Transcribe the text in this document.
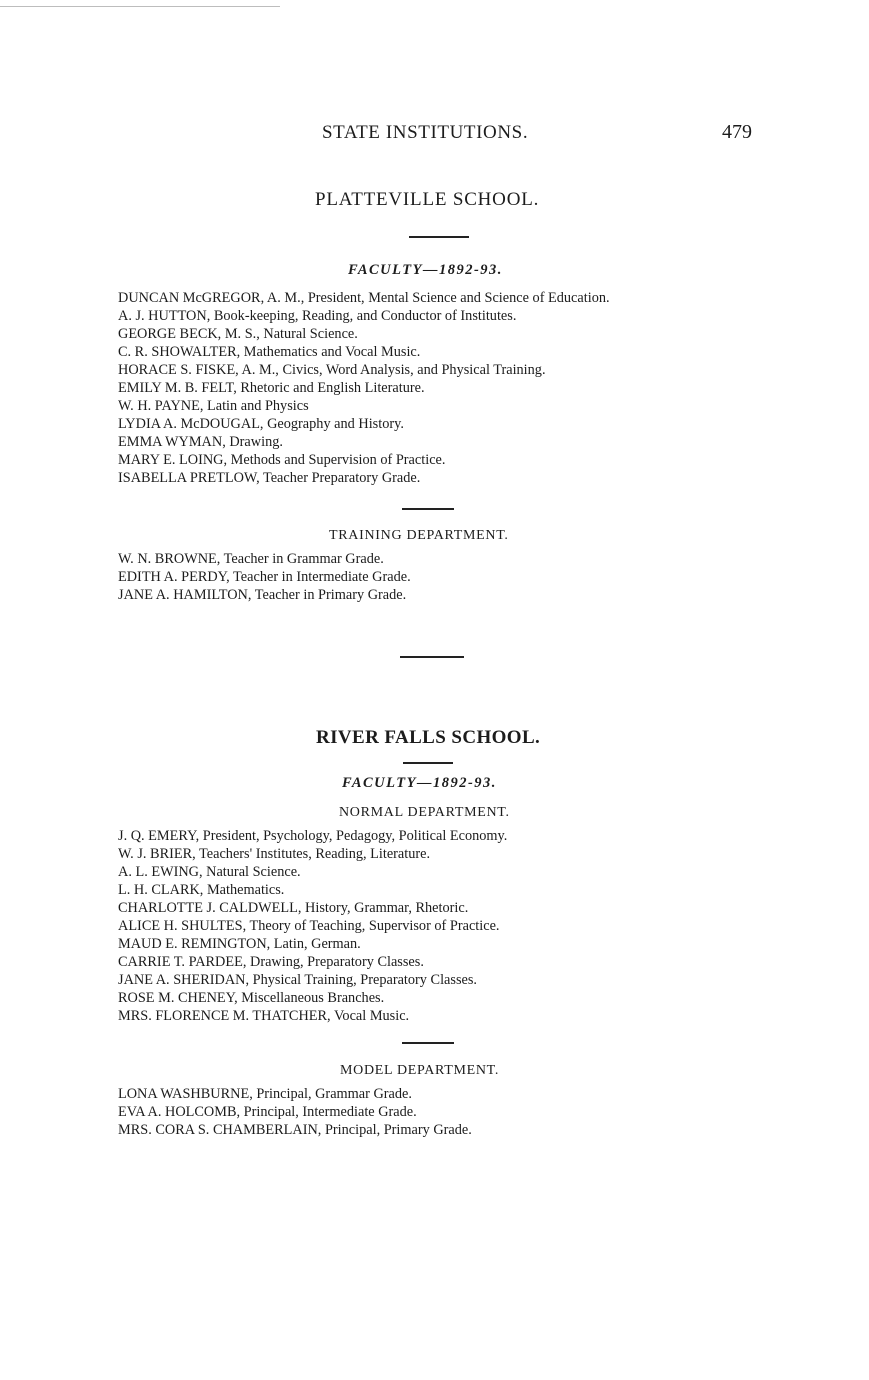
STATE INSTITUTIONS.	479
PLATTEVILLE SCHOOL.
FACULTY—1892-93.
DUNCAN McGREGOR, A. M., President, Mental Science and Science of Education.
A. J. HUTTON, Book-keeping, Reading, and Conductor of Institutes.
GEORGE BECK, M. S., Natural Science.
C. R. SHOWALTER, Mathematics and Vocal Music.
HORACE S. FISKE, A. M., Civics, Word Analysis, and Physical Training.
EMILY M. B. FELT, Rhetoric and English Literature.
W. H. PAYNE, Latin and Physics
LYDIA A. McDOUGAL, Geography and History.
EMMA WYMAN, Drawing.
MARY E. LOING, Methods and Supervision of Practice.
ISABELLA PRETLOW, Teacher Preparatory Grade.
TRAINING DEPARTMENT.
W. N. BROWNE, Teacher in Grammar Grade.
EDITH A. PERDY, Teacher in Intermediate Grade.
JANE A. HAMILTON, Teacher in Primary Grade.
RIVER FALLS SCHOOL.
FACULTY—1892-93.
NORMAL DEPARTMENT.
J. Q. EMERY, President, Psychology, Pedagogy, Political Economy.
W. J. BRIER, Teachers' Institutes, Reading, Literature.
A. L. EWING, Natural Science.
L. H. CLARK, Mathematics.
CHARLOTTE J. CALDWELL, History, Grammar, Rhetoric.
ALICE H. SHULTES, Theory of Teaching, Supervisor of Practice.
MAUD E. REMINGTON, Latin, German.
CARRIE T. PARDEE, Drawing, Preparatory Classes.
JANE A. SHERIDAN, Physical Training, Preparatory Classes.
ROSE M. CHENEY, Miscellaneous Branches.
MRS. FLORENCE M. THATCHER, Vocal Music.
MODEL DEPARTMENT.
LONA WASHBURNE, Principal, Grammar Grade.
EVA A. HOLCOMB, Principal, Intermediate Grade.
MRS. CORA S. CHAMBERLAIN, Principal, Primary Grade.
